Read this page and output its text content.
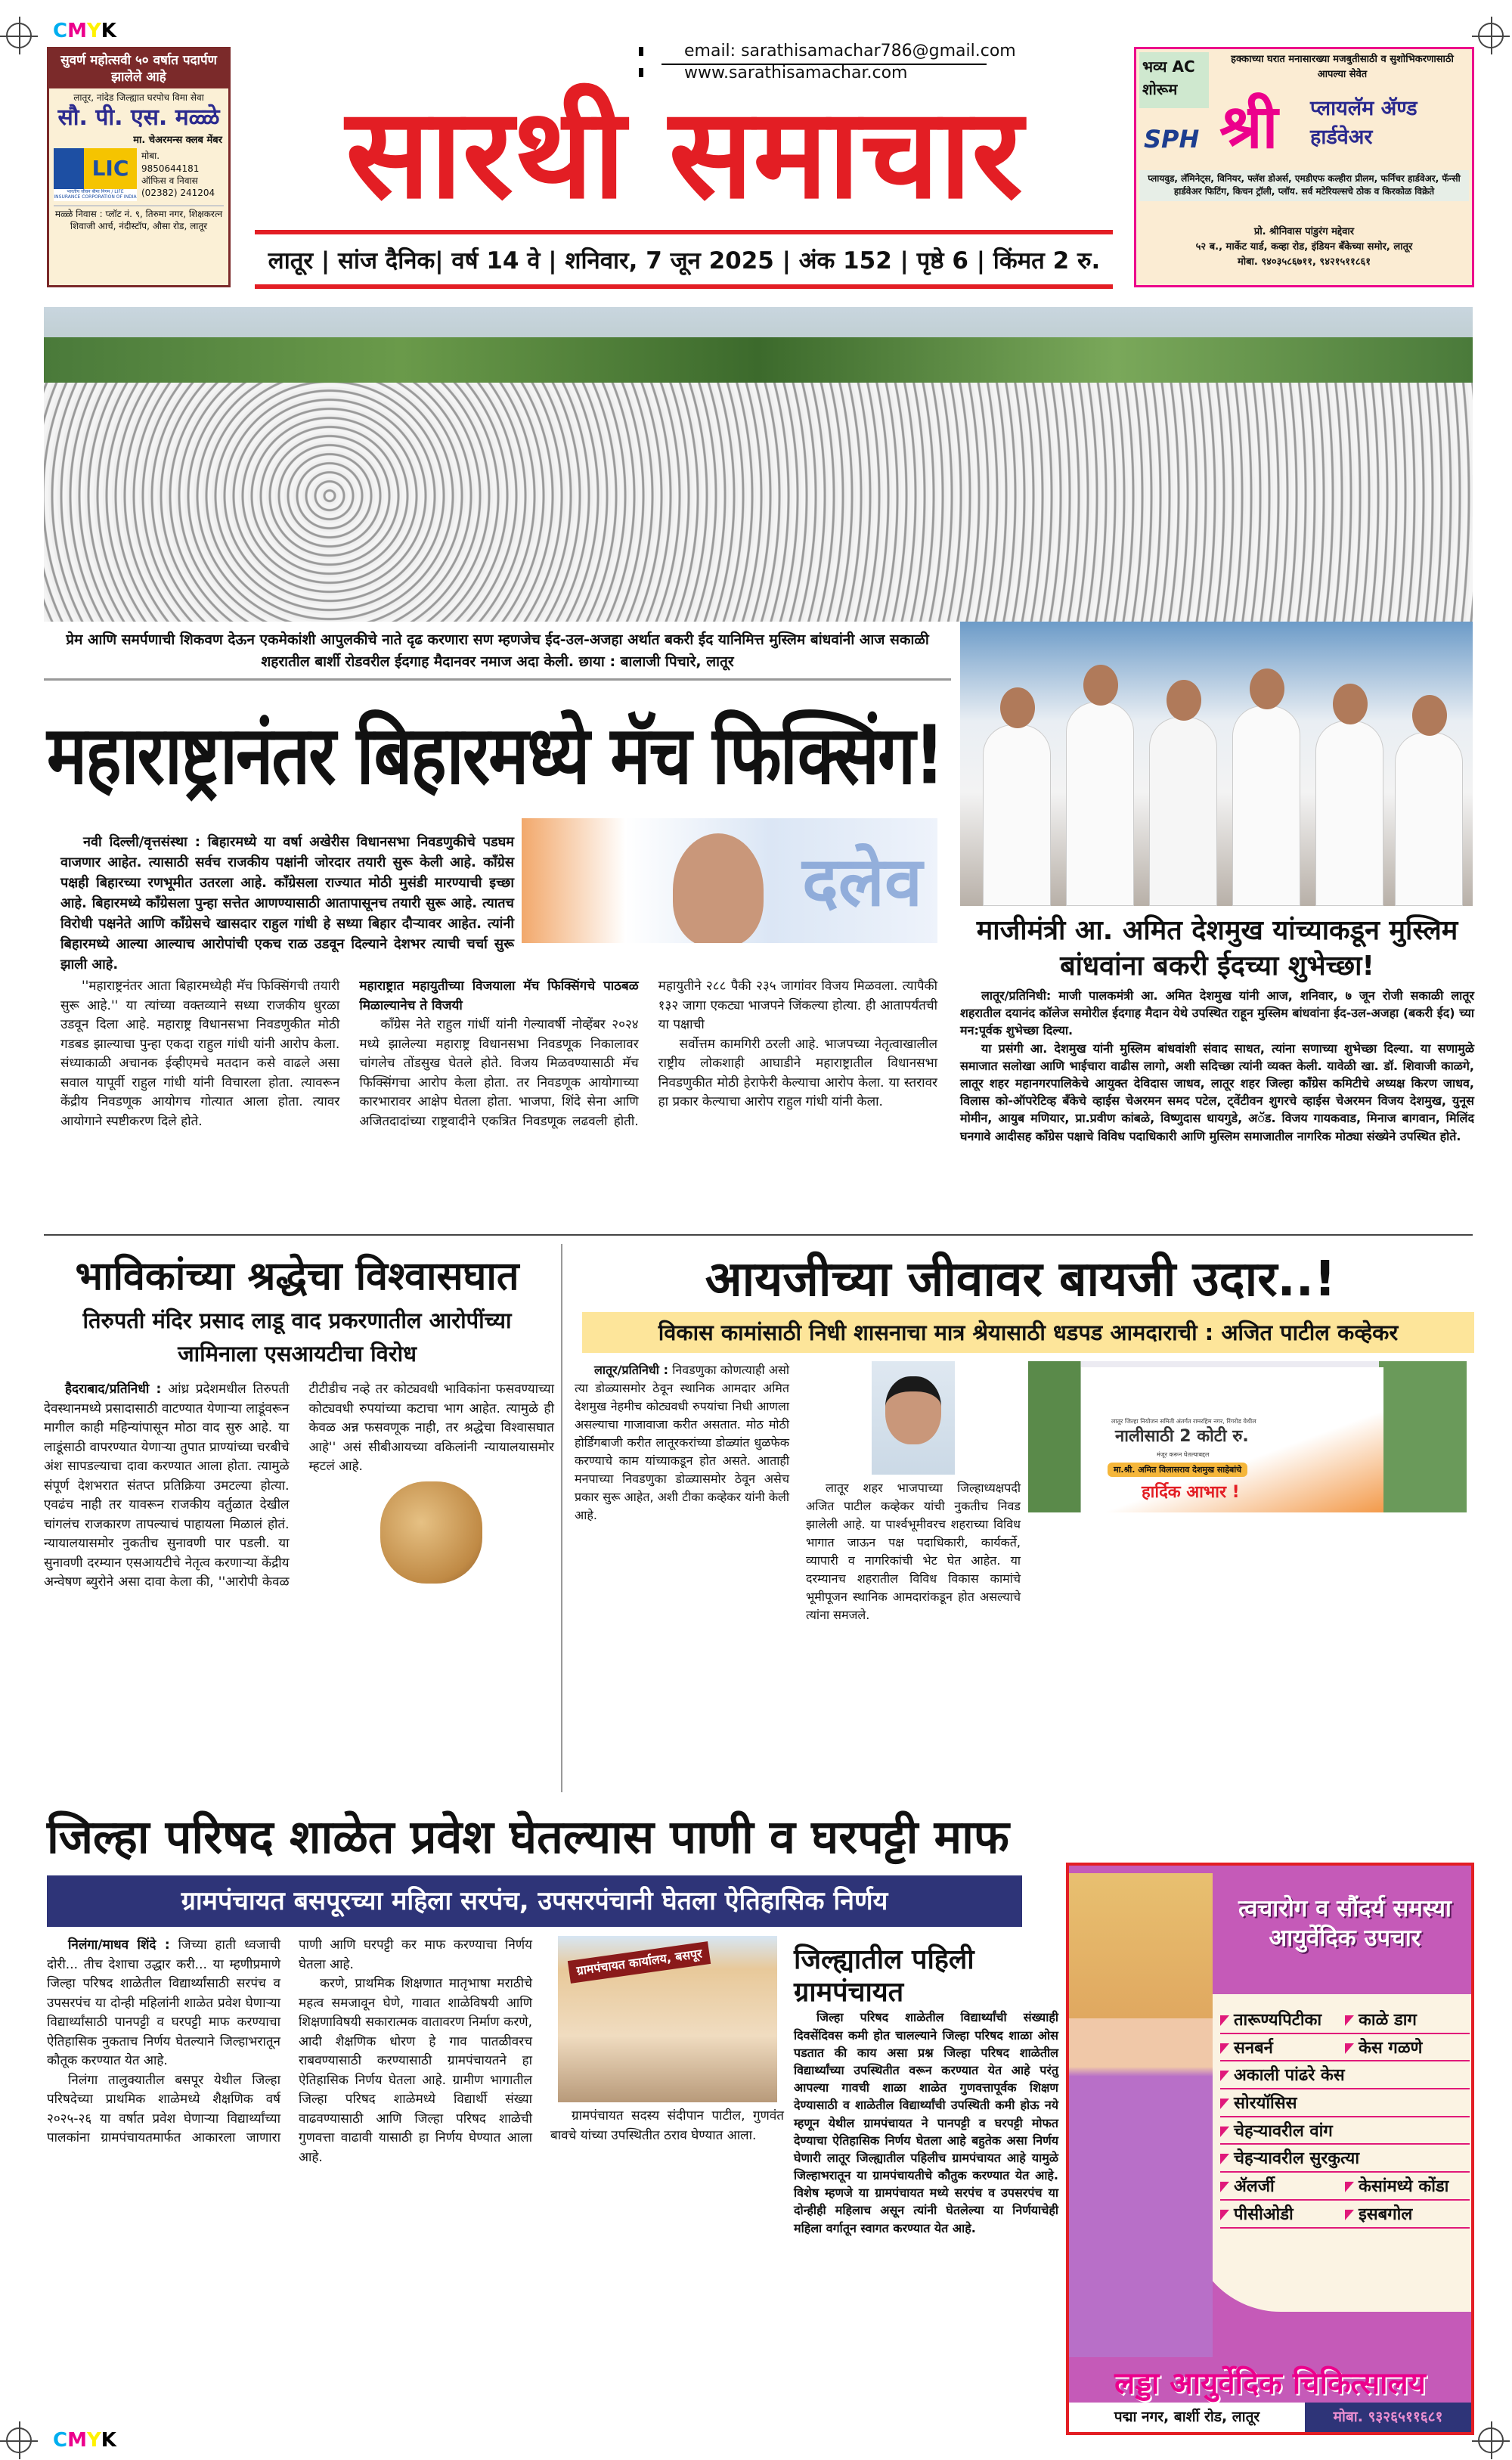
CMYK
CMYK
सुवर्ण महोत्सवी ५० वर्षात पदार्पण झालेले आहे
लातूर, नांदेड जिल्ह्यात घरपोच विमा सेवा
सौ. पी. एस. मळ्ळे
मा. चेअरमन्स क्लब मेंबर
LIC
भारतीय जीवन बीमा निगम / LIFE INSURANCE CORPORATION OF INDIA
मोबा.
9850644181
ऑफिस व निवास
(02382) 241204
मळ्ळे निवास : प्लॉट नं. ९, तिरुमा नगर, शिक्षकरत्न शिवाजी आर्च, नंदीस्टॉप, औसा रोड, लातूर
email: sarathisamachar786@gmail.com
www.sarathisamachar.com
सारथी समाचार
लातूर | सांज दैनिक| वर्ष 14 वे | शनिवार, 7 जून 2025 | अंक 152 | पृष्ठे 6 | किंमत 2 रु.
भव्य AC शोरूम
हक्काच्या घरात मनासारख्या मजबुतीसाठी व सुशोभिकरणासाठी आपल्या सेवेत
SPH श्री प्लायलॅम ॲण्ड हार्डवेअर
प्लायवुड, लॅमिनेट्स, विनियर, फ्लॅश डोअर्स, एमडीएफ कल्हीरा प्रीलम, फर्निचर हार्डवेअर, फॅन्सी हार्डवेअर फिटिंग, किचन ट्रॉली, प्लॉय. सर्व मटेरियल्सचे ठोक व किरकोळ विक्रेते
प्रो. श्रीनिवास पांडुरंग मद्देवार
५२ ब., मार्केट यार्ड, कव्हा रोड, इंडियन बँकेच्या समोर, लातूर
मोबा. ९४०३५८६७११, ९४२१५११८६१
प्रेम आणि समर्पणाची शिकवण देऊन एकमेकांशी आपुलकीचे नाते दृढ करणारा सण म्हणजेच ईद-उल-अजहा अर्थात बकरी ईद यानिमित्त मुस्लिम बांधवांनी आज सकाळी शहरातील बार्शी रोडवरील ईदगाह मैदानवर नमाज अदा केली. छाया : बालाजी पिचारे, लातूर
महाराष्ट्रानंतर बिहारमध्ये मॅच फिक्सिंग!
नवी दिल्ली/वृत्तसंस्था : बिहारमध्ये या वर्षा अखेरीस विधानसभा निवडणुकीचे पडघम वाजणार आहेत. त्यासाठी सर्वच राजकीय पक्षांनी जोरदार तयारी सुरू केली आहे. कॉंग्रेस पक्षही बिहारच्या रणभूमीत उतरला आहे. कॉंग्रेसला राज्यात मोठी मुसंडी मारण्याची इच्छा आहे. बिहारमध्ये कॉंग्रेसला पुन्हा सत्तेत आणण्यासाठी आतापासूनच तयारी सुरू आहे. त्यातच विरोधी पक्षनेते आणि कॉंग्रेसचे खासदार राहुल गांधी हे सध्या बिहार दौऱ्यावर आहेत. त्यांनी बिहारमध्ये आल्या आल्याच आरोपांची एकच राळ उडवून दिल्याने देशभर त्याची चर्चा सुरू झाली आहे.
दलेव

''महाराष्ट्रनंतर आता बिहारमध्येही मॅच फिक्सिंगची तयारी सुरू आहे.'' या त्यांच्या वक्तव्याने सध्या राजकीय धुरळा उडवून दिला आहे. महाराष्ट्र विधानसभा निवडणुकीत मोठी गडबड झाल्याचा पुन्हा एकदा राहुल गांधी यांनी आरोप केला. संध्याकाळी अचानक ईव्हीएमचे मतदान कसे वाढले असा सवाल यापूर्वी राहुल गांधी यांनी विचारला होता. त्यावरून केंद्रीय निवडणूक आयोगच गोत्यात आला होता. त्यावर आयोगाने स्पष्टीकरण दिले होते.

महाराष्ट्रात महायुतीच्या विजयाला मॅच फिक्सिंगचे पाठबळ मिळाल्यानेच ते विजयी

कॉंग्रेस नेते राहुल गांधीं यांनी गेल्यावर्षी नोव्हेंबर २०२४ मध्ये झालेल्या महाराष्ट्र विधानसभा निवडणूक निकालावर चांगलेच तोंडसुख घेतले होते. विजय मिळवण्यासाठी मॅच फिक्सिंगचा आरोप केला होता. तर निवडणूक आयोगाच्या कारभारावर आक्षेप घेतला होता. भाजपा, शिंदे सेना आणि अजितदादांच्या राष्ट्रवादीने एकत्रित निवडणूक लढवली होती. महायुतीने २८८ पैकी २३५ जागांवर विजय मिळवला. त्यापैकी १३२ जागा एकट्या भाजपने जिंकल्या होत्या. ही आतापर्यंतची या पक्षाची

सर्वोत्तम कामगिरी ठरली आहे. भाजपच्या नेतृत्वाखालील राष्ट्रीय लोकशाही आघाडीने महाराष्ट्रातील विधानसभा निवडणुकीत मोठी हेराफेरी केल्याचा आरोप केला. या स्तरावर हा प्रकार केल्याचा आरोप राहुल गांधी यांनी केला.

माजीमंत्री आ. अमित देशमुख यांच्याकडून मुस्लिम बांधवांना बकरी ईदच्या शुभेच्छा!

लातूर/प्रतिनिधी: माजी पालकमंत्री आ. अमित देशमुख यांनी आज, शनिवार, ७ जून रोजी सकाळी लातूर शहरातील दयानंद कॉलेज समोरील ईदगाह मैदान येथे उपस्थित राहून मुस्लिम बांधवांना ईद-उल-अजहा (बकरी ईद) च्या मन:पूर्वक शुभेच्छा दिल्या.

या प्रसंगी आ. देशमुख यांनी मुस्लिम बांधवांशी संवाद साधत, त्यांना सणाच्या शुभेच्छा दिल्या. या सणामुळे समाजात सलोखा आणि भाईचारा वाढीस लागो, अशी सदिच्छा त्यांनी व्यक्त केली. यावेळी खा. डॉ. शिवाजी काळगे, लातूर शहर महानगरपालिकेचे आयुक्त देविदास जाधव, लातूर शहर जिल्हा कॉंग्रेस कमिटीचे अध्यक्ष किरण जाधव, विलास को-ऑपरेटिव्ह बँकेचे व्हाईस चेअरमन समद पटेल, ट्वेंटीवन शुगरचे व्हाईस चेअरमन विजय देशमुख, युनूस मोमीन, आयुब मणियार, प्रा.प्रवीण कांबळे, विष्णुदास धायगुडे, अॅड. विजय गायकवाड, मिनाज बागवान, मिलिंद घनगावे आदीसह कॉंग्रेस पक्षाचे विविध पदाधिकारी आणि मुस्लिम समाजातील नागरिक मोठ्या संख्येने उपस्थित होते.

भाविकांच्या श्रद्धेचा विश्वासघात
तिरुपती मंदिर प्रसाद लाडू वाद प्रकरणातील आरोपींच्या जामिनाला एसआयटीचा विरोध

हैदराबाद/प्रतिनिधी : आंध्र प्रदेशमधील तिरुपती देवस्थानमध्ये प्रसादासाठी वाटण्यात येणाऱ्या लाडूंवरून मागील काही महिन्यांपासून मोठा वाद सुरु आहे. या लाडूंसाठी वापरण्यात येणाऱ्या तुपात प्राण्यांच्या चरबीचे अंश सापडल्याचा दावा करण्यात आला होता. त्यामुळे संपूर्ण देशभरात संतप्त प्रतिक्रिया उमटल्या होत्या. एवढंच नाही तर यावरून राजकीय वर्तुळात देखील चांगलंच राजकारण तापल्याचं पाहायला मिळालं होतं. न्यायालयासमोर नुकतीच सुनावणी पार पडली. या सुनावणी दरम्यान एसआयटीचे नेतृत्व करणाऱ्या केंद्रीय अन्वेषण ब्युरोने असा दावा केला की, ''आरोपी केवळ टीटीडीच नव्हे तर कोट्यवधी भाविकांना फसवण्याच्या कोट्यवधी रुपयांच्या कटाचा भाग आहेत. त्यामुळे ही केवळ अन्न फसवणूक नाही, तर श्रद्धेचा विश्वासघात आहे'' असं सीबीआयच्या वकिलांनी न्यायालयासमोर म्हटलं आहे.

आयजीच्या जीवावर बायजी उदार..!
विकास कामांसाठी निधी शासनाचा मात्र श्रेयासाठी धडपड आमदाराची : अजित पाटील कव्हेकर

लातूर/प्रतिनिधी : निवडणुका कोणत्याही असो त्या डोळ्यासमोर ठेवून स्थानिक आमदार अमित देशमुख नेहमीच कोट्यवधी रुपयांचा निधी आणला असल्याचा गाजावाजा करीत असतात. मोठ मोठी होर्डिंगबाजी करीत लातूरकरांच्या डोळ्यांत धुळफेक करण्याचे काम यांच्याकडून होत असते. आताही मनपाच्या निवडणुका डोळ्यासमोर ठेवून असेच प्रकार सुरू आहेत, अशी टीका कव्हेकर यांनी केली आहे.

लातूर शहर भाजपाच्या जिल्हाध्यक्षपदी अजित पाटील कव्हेकर यांची नुकतीच निवड झालेली आहे. या पार्श्वभूमीवरच शहराच्या विविध भागात जाऊन पक्ष पदाधिकारी, कार्यकर्ते, व्यापारी व नागरिकांची भेट घेत आहेत. या दरम्यानच शहरातील विविध विकास कामांचे भूमीपूजन स्थानिक आमदारांकडून होत असल्याचे त्यांना समजले.

लातूर जिल्हा नियोजन समिती अंतर्गत रामरहिम नगर, रिंगरोड येथील
नालीसाठी 2 कोटी रु.
मंजूर करून घेतल्याबद्दल
मा.श्री. अमित विलासराव देशमुख साहेबांचे
हार्दिक आभार !
जिल्हा परिषद शाळेत प्रवेश घेतल्यास पाणी व घरपट्टी माफ
ग्रामपंचायत बसपूरच्या महिला सरपंच, उपसरपंचानी घेतला ऐतिहासिक निर्णय

निलंगा/माधव शिंदे : जिच्या हाती ध्वजाची दोरी... तीच देशाचा उद्धार करी... या म्हणीप्रमाणे जिल्हा परिषद शाळेतील विद्यार्थ्यांसाठी सरपंच व उपसरपंच या दोन्ही महिलांनी शाळेत प्रवेश घेणाऱ्या विद्यार्थ्यांसाठी पानपट्टी व घरपट्टी माफ करण्याचा ऐतिहासिक नुकताच निर्णय घेतल्याने जिल्हाभरातून कौतूक करण्यात येत आहे.

निलंगा तालुक्यातील बसपूर येथील जिल्हा परिषदेच्या प्राथमिक शाळेमध्ये शैक्षणिक वर्ष २०२५-२६ या वर्षात प्रवेश घेणाऱ्या विद्यार्थ्यांच्या पालकांना ग्रामपंचायतमार्फत आकारला जाणारा पाणी आणि घरपट्टी कर माफ करण्याचा निर्णय घेतला आहे.

करणे, प्राथमिक शिक्षणात मातृभाषा मराठीचे महत्व समजावून घेणे, गावात शाळेविषयी आणि शिक्षणाविषयी सकारात्मक वातावरण निर्माण करणे, आदी शैक्षणिक धोरण हे गाव पातळीवरच राबवण्यासाठी करण्यासाठी ग्रामपंचायतने हा ऐतिहासिक निर्णय घेतला आहे. ग्रामीण भागातील जिल्हा परिषद शाळेमध्ये विद्यार्थी संख्या वाढवण्यासाठी आणि जिल्हा परिषद शाळेची गुणवत्ता वाढावी यासाठी हा निर्णय घेण्यात आला आहे.

ग्रामपंचायत कार्यालय, बसपूर

ग्रामपंचायत सदस्य संदीपान पाटील, गुणवंत बावचे यांच्या उपस्थितीत ठराव घेण्यात आला.

जिल्ह्यातील पहिली ग्रामपंचायत

जिल्हा परिषद शाळेतील विद्यार्थ्यांची संख्याही दिवसेंदिवस कमी होत चालल्याने जिल्हा परिषद शाळा ओस पडतात की काय असा प्रश्न जिल्हा परिषद शाळेतील विद्यार्थ्यांच्या उपस्थितीत वरून करण्यात येत आहे परंतु आपल्या गावची शाळा शाळेत गुणवत्तापूर्वक शिक्षण देण्यासाठी व शाळेतील विद्यार्थ्यांची उपस्थिती कमी होऊ नये म्हणून येथील ग्रामपंचायत ने पानपट्टी व घरपट्टी मोफत देण्याचा ऐतिहासिक निर्णय घेतला आहे बहुतेक असा निर्णय घेणारी लातूर जिल्ह्यातील पहिलीच ग्रामपंचायत आहे यामुळे जिल्हाभरातून या ग्रामपंचायतीचे कौतुक करण्यात येत आहे. विशेष म्हणजे या ग्रामपंचायत मध्ये सरपंच व उपसरपंच या दोन्हीही महिलाच असून त्यांनी घेतलेल्या या निर्णयाचेही महिला वर्गातून स्वागत करण्यात येत आहे.

त्वचारोग व सौंदर्य समस्या आयुर्वेदिक उपचार
तारूण्यपिटीका	काळे डाग
सनबर्न	केस गळणे
अकाली पांढरे केस
सोरयॉसिस
चेहऱ्यावरील वांग
चेहऱ्यावरील सुरकुत्या
ॲलर्जी	केसांमध्ये कोंडा
पीसीओडी	इसबगोल
लड्डा आयुर्वेदिक चिकित्सालय
पद्मा नगर, बार्शी रोड, लातूर	मोबा. ९३२६५११६८१
